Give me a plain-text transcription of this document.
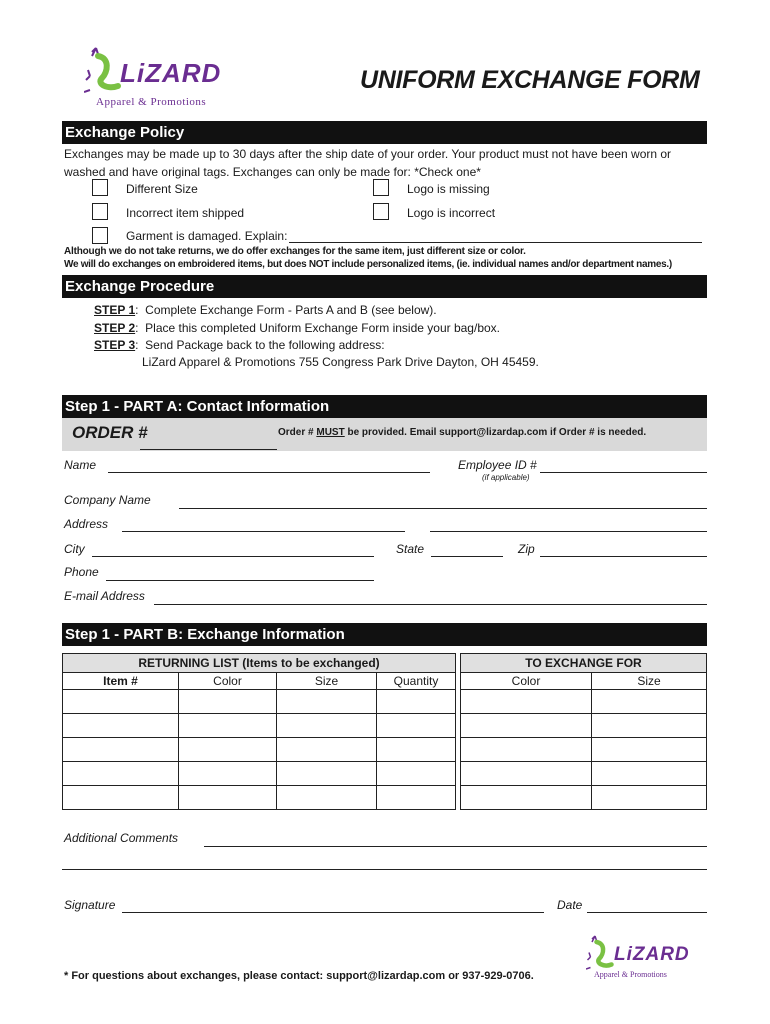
LiZARD
Apparel & Promotions
UNIFORM EXCHANGE FORM
Exchange Policy
Exchanges may be made up to 30 days after the ship date of your order. Your product must not have been worn or
washed and have original tags. Exchanges can only be made for: *Check one*
Different Size	Logo is missing
Incorrect item shipped	Logo is incorrect
Garment is damaged. Explain:
Although we do not take returns, we do offer exchanges for the same item, just different size or color.
We will do exchanges on embroidered items, but does NOT include personalized items, (ie. individual names and/or department names.)
Exchange Procedure
STEP 1:  Complete Exchange Form - Parts A and B (see below).
STEP 2:  Place this completed Uniform Exchange Form inside your bag/box.
STEP 3:  Send Package back to the following address:
LiZard Apparel & Promotions 755 Congress Park Drive Dayton, OH 45459.
Step 1 - PART A: Contact Information
ORDER #	Order # MUST be provided. Email support@lizardap.com if Order # is needed.
Name	Employee ID #
(if applicable)
Company Name
Address
City	State	Zip
Phone
E-mail Address
Step 1 - PART B: Exchange Information
RETURNING LIST (Items to be exchanged)					TO EXCHANGE FOR	
Item #	Color	Size	Quantity		Color	Size

Additional Comments
Signature	Date
LiZARD
Apparel & Promotions
* For questions about exchanges, please contact: support@lizardap.com or 937-929-0706.
